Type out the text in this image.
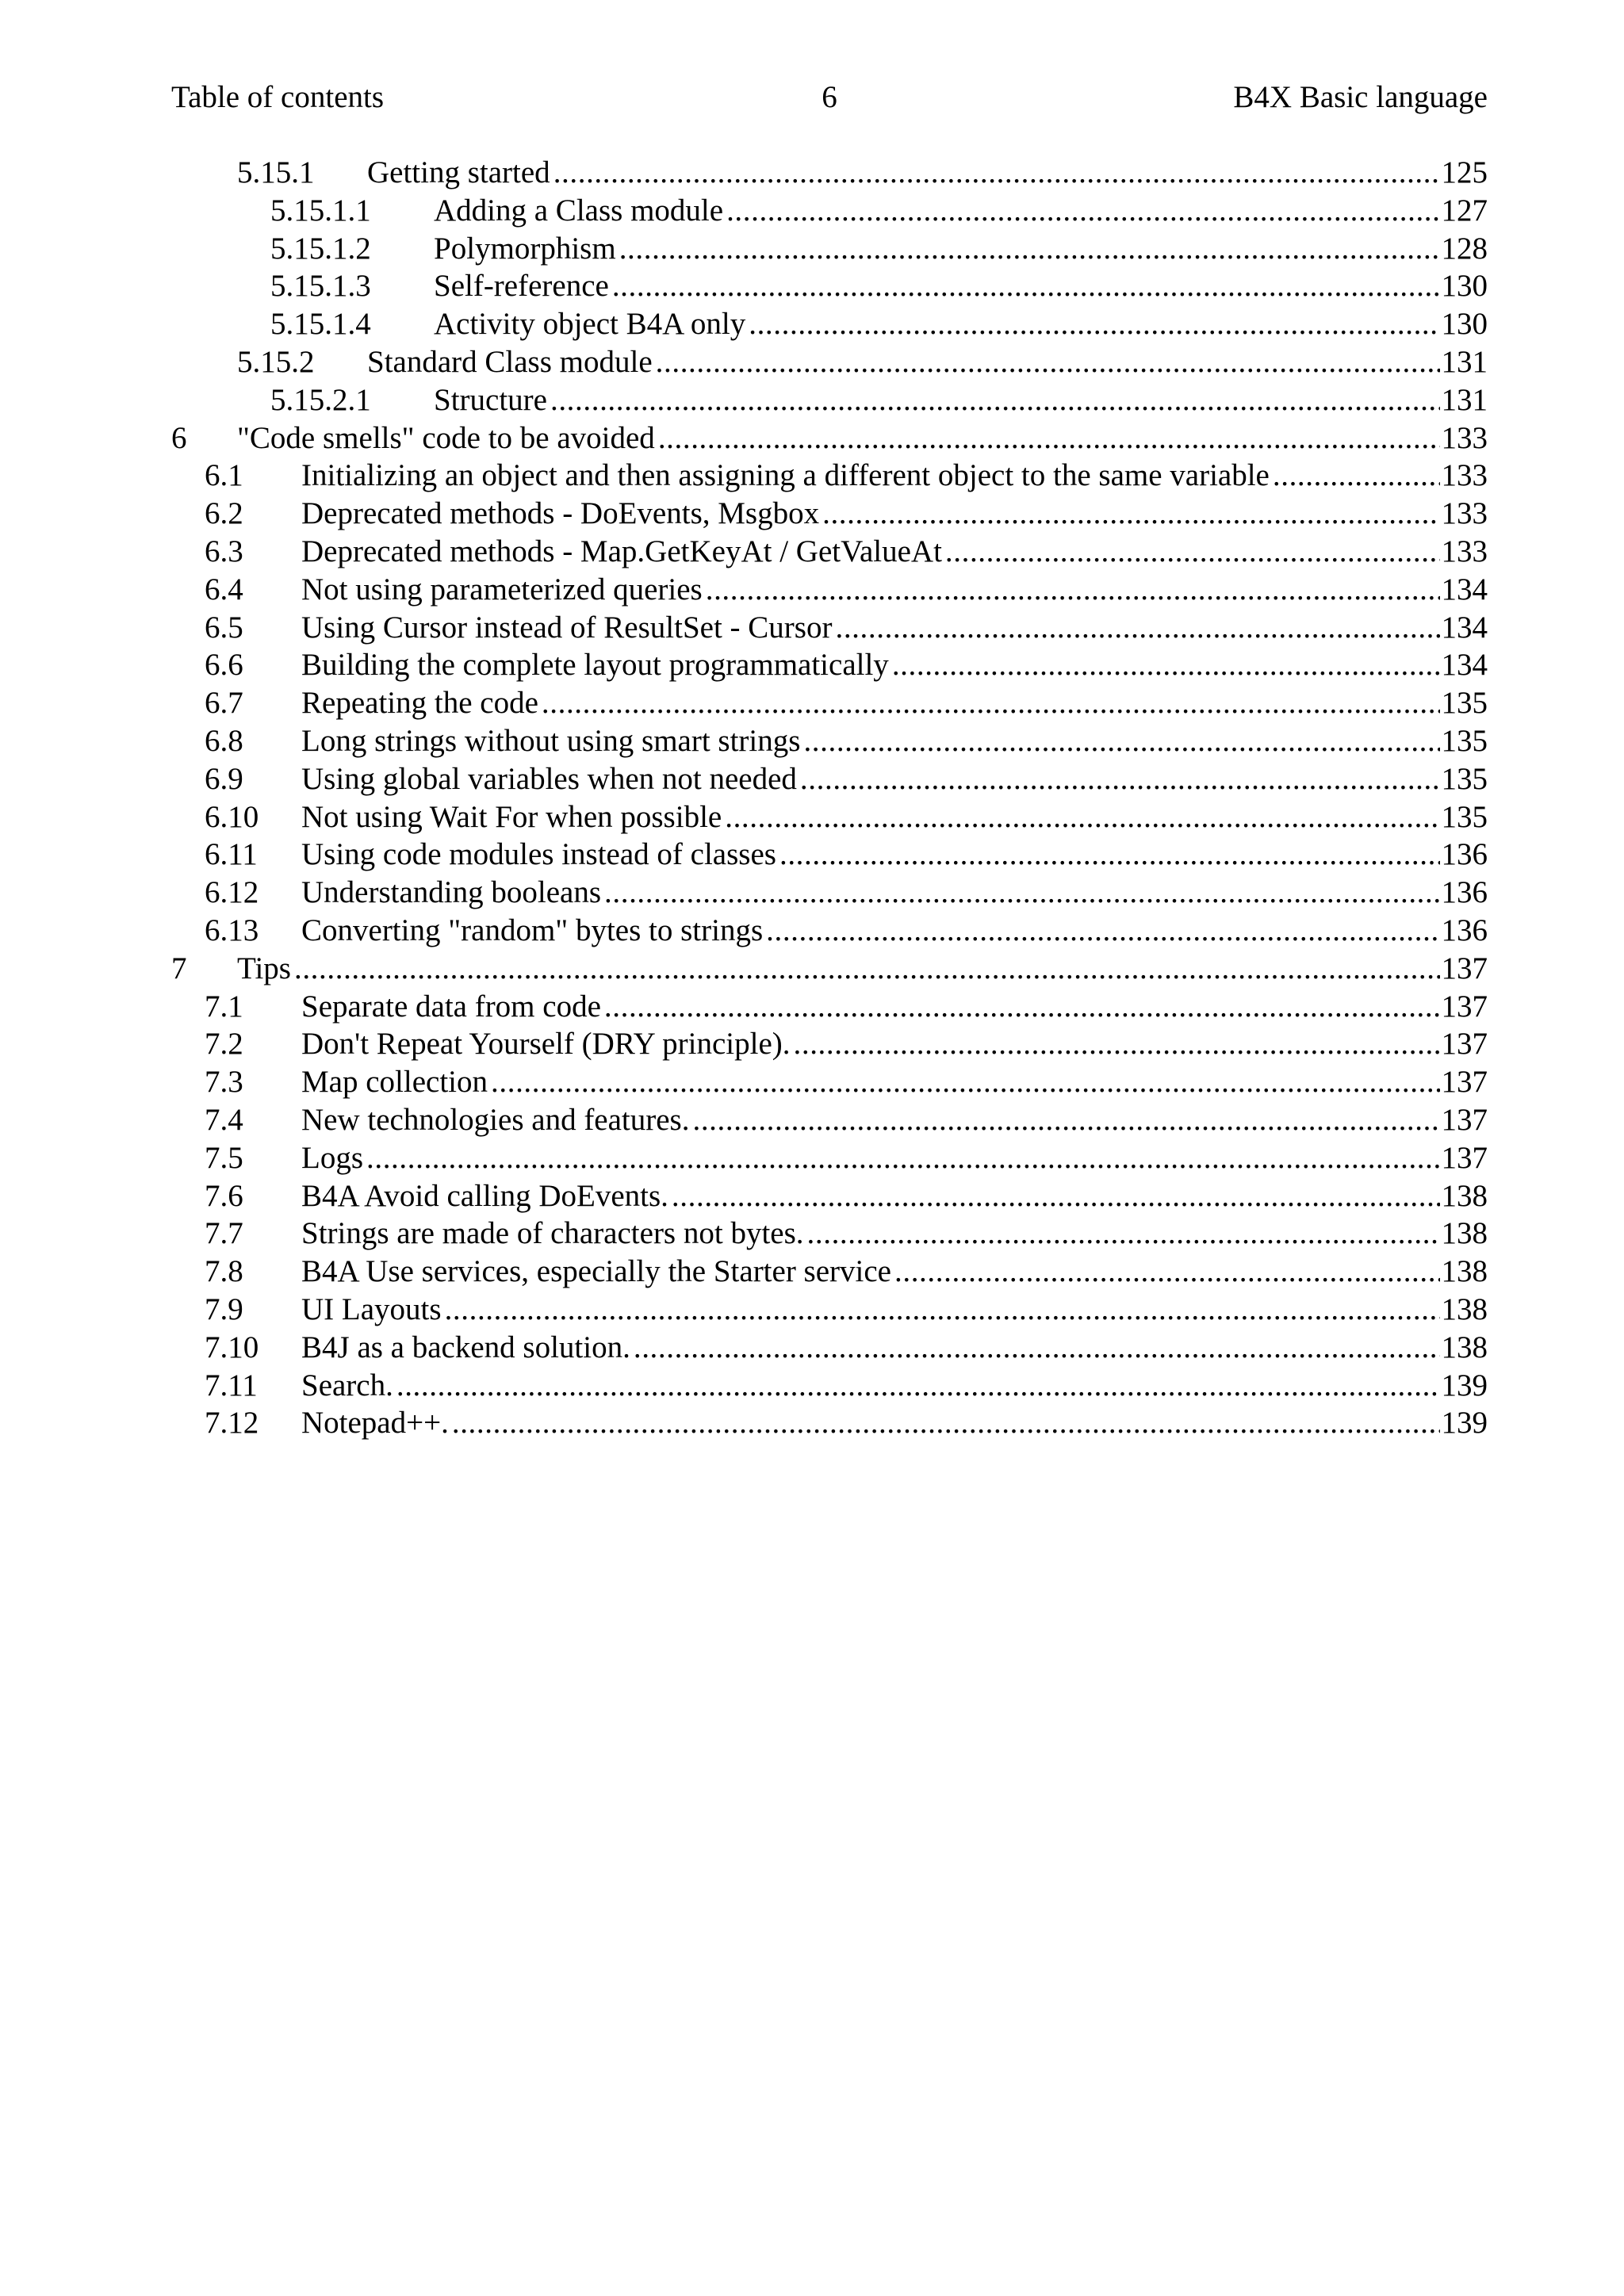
Table of contents	6	B4X Basic language
5.15.1 Getting started .....	125
5.15.1.1 Adding a Class module .....	127
5.15.1.2 Polymorphism .....	128
5.15.1.3 Self-reference .....	130
5.15.1.4 Activity object B4A only .....	130
5.15.2 Standard Class module .....	131
5.15.2.1 Structure .....	131
6 "Code smells" code to be avoided .....	133
6.1 Initializing an object and then assigning a different object to the same variable .....	133
6.2 Deprecated methods - DoEvents, Msgbox .....	133
6.3 Deprecated methods - Map.GetKeyAt / GetValueAt .....	133
6.4 Not using parameterized queries .....	134
6.5 Using Cursor instead of ResultSet - Cursor .....	134
6.6 Building the complete layout programmatically .....	134
6.7 Repeating the code .....	135
6.8 Long strings without using smart strings .....	135
6.9 Using global variables when not needed .....	135
6.10 Not using Wait For when possible .....	135
6.11 Using code modules instead of classes .....	136
6.12 Understanding booleans .....	136
6.13 Converting "random" bytes to strings .....	136
7 Tips .....	137
7.1 Separate data from code .....	137
7.2 Don't Repeat Yourself (DRY principle). .....	137
7.3 Map collection .....	137
7.4 New technologies and features. .....	137
7.5 Logs .....	137
7.6 B4A Avoid calling DoEvents. .....	138
7.7 Strings are made of characters not bytes. .....	138
7.8 B4A Use services, especially the Starter service .....	138
7.9 UI Layouts .....	138
7.10 B4J as a backend solution. .....	138
7.11 Search. .....	139
7.12 Notepad++. .....	139
